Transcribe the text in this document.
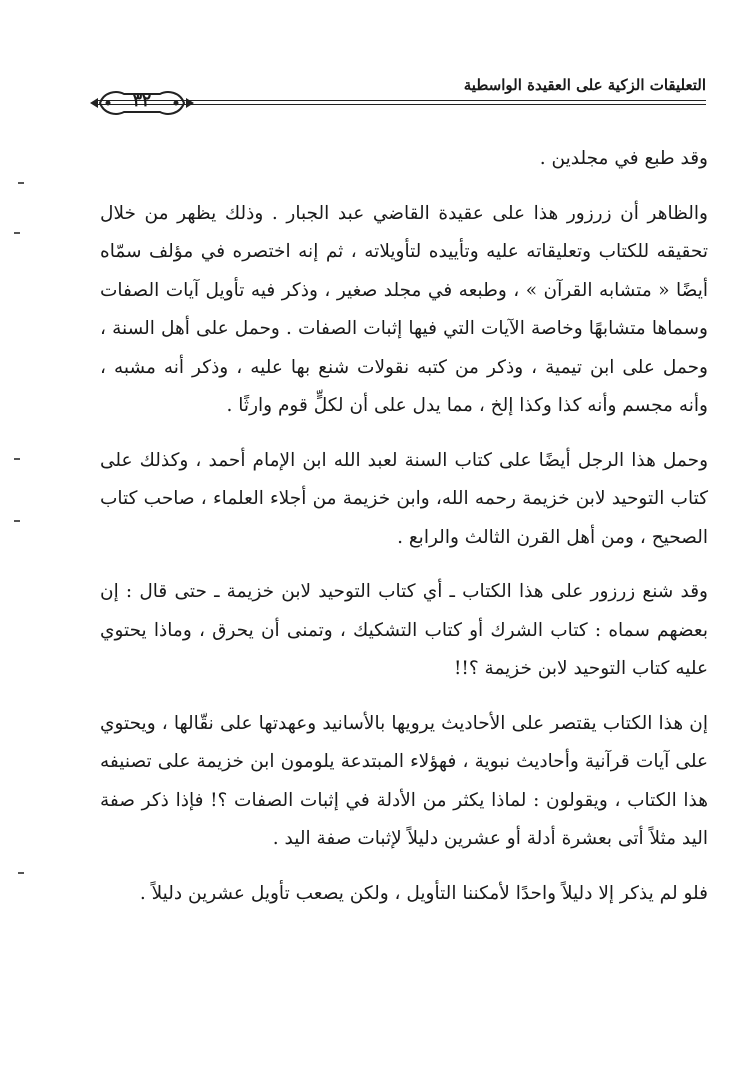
التعليقات الزكية على العقيدة الواسطية
٣٢

وقد طبع في مجلدين .

والظاهر أن زرزور هذا على عقيدة القاضي عبد الجبار . وذلك يظهر من خلال تحقيقه للكتاب وتعليقاته عليه وتأييده لتأويلاته ، ثم إنه اختصره في مؤلف سمّاه أيضًا « متشابه القرآن » ، وطبعه في مجلد صغير ، وذكر فيه تأويل آيات الصفات وسماها متشابهًا وخاصة الآيات التي فيها إثبات الصفات . وحمل على أهل السنة ، وحمل على ابن تيمية ، وذكر من كتبه نقولات شنع بها عليه ، وذكر أنه مشبه ، وأنه مجسم وأنه كذا وكذا إلخ ، مما يدل على أن لكلٍّ قوم وارثًا .

وحمل هذا الرجل أيضًا على كتاب السنة لعبد الله ابن الإمام أحمد ، وكذلك على كتاب التوحيد لابن خزيمة رحمه الله، وابن خزيمة من أجلاء العلماء ، صاحب كتاب الصحيح ، ومن أهل القرن الثالث والرابع .

وقد شنع زرزور على هذا الكتاب ـ أي كتاب التوحيد لابن خزيمة ـ حتى قال : إن بعضهم سماه : كتاب الشرك أو كتاب التشكيك ، وتمنى أن يحرق ، وماذا يحتوي عليه كتاب التوحيد لابن خزيمة ؟!!

إن هذا الكتاب يقتصر على الأحاديث يرويها بالأسانيد وعهدتها على نقّالها ، ويحتوي على آيات قرآنية وأحاديث نبوية ، فهؤلاء المبتدعة يلومون ابن خزيمة على تصنيفه هذا الكتاب ، ويقولون : لماذا يكثر من الأدلة في إثبات الصفات ؟! فإذا ذكر صفة اليد مثلاً أتى بعشرة أدلة أو عشرين دليلاً لإثبات صفة اليد .

فلو لم يذكر إلا دليلاً واحدًا لأمكننا التأويل ، ولكن يصعب تأويل عشرين دليلاً .
